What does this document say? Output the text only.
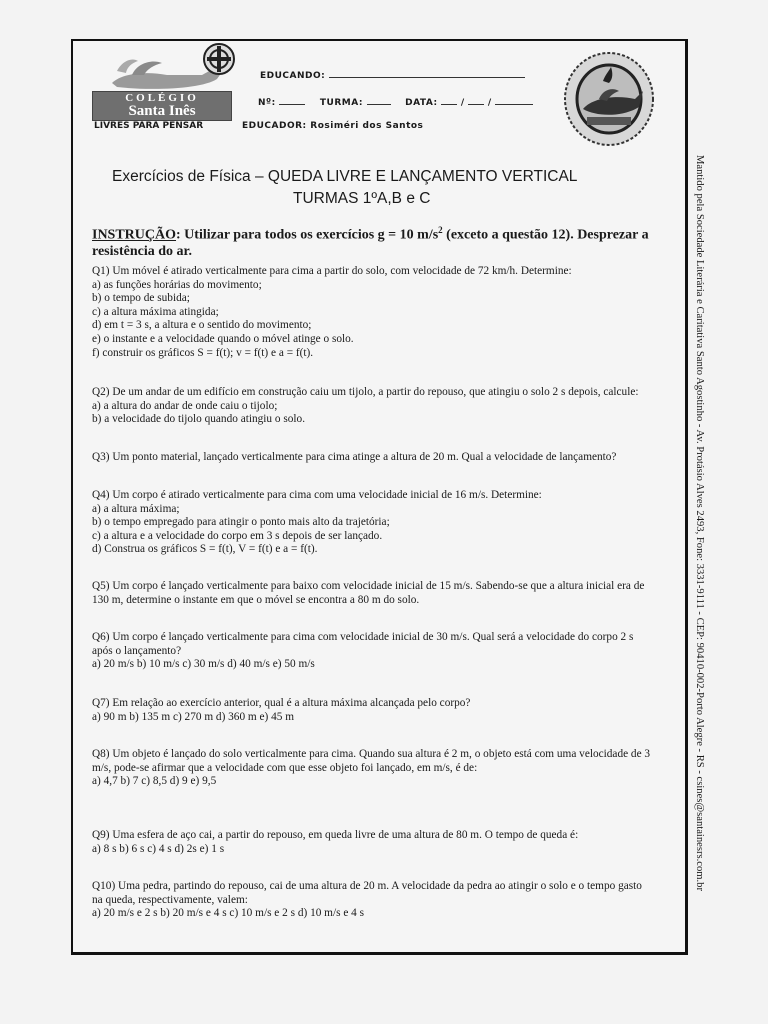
COLÉGIO
Santa Inês
LIVRES PARA PENSAR
EDUCANDO:
Nº:	TURMA:	DATA:  /  /
EDUCADOR: Rosiméri dos Santos
Exercícios de Física – QUEDA LIVRE E LANÇAMENTO VERTICAL
TURMAS 1ºA,B e C
INSTRUÇÃO: Utilizar para todos os exercícios g = 10 $m/s^2$ (exceto a questão 12). Desprezar a
resistência do ar.
Q1) Um móvel é atirado verticalmente para cima a partir do solo, com velocidade de 72 km/h. Determine:
a) as funções horárias do movimento;
b) o tempo de subida;
c) a altura máxima atingida;
d) em t = 3 s, a altura e o sentido do movimento;
e) o instante e a velocidade quando o móvel atinge o solo.
f) construir os gráficos S = f(t); v = f(t) e a = f(t).
Q2) De um andar de um edifício em construção caiu um tijolo, a partir do repouso, que atingiu o solo 2 s depois, calcule:
a) a altura do andar de onde caiu o tijolo;
b) a velocidade do tijolo quando atingiu o solo.
Q3) Um ponto material, lançado verticalmente para cima atinge a altura de 20 m. Qual a velocidade de lançamento?
Q4) Um corpo é atirado verticalmente para cima com uma velocidade inicial de 16 m/s. Determine:
a) a altura máxima;
b) o tempo empregado para atingir o ponto mais alto da trajetória;
c) a altura e a velocidade do corpo em 3 s depois de ser lançado.
d) Construa os gráficos S = f(t), V = f(t) e a = f(t).
Q5) Um corpo é lançado verticalmente para baixo com velocidade inicial de 15 m/s. Sabendo-se que a altura inicial era de
130 m, determine o instante em que o móvel se encontra a 80 m do solo.
Q6) Um corpo é lançado verticalmente para cima com velocidade inicial de 30 m/s. Qual será a velocidade do corpo 2 s
após o lançamento?
a) 20 m/s b) 10 m/s c) 30 m/s d) 40 m/s e) 50 m/s
Q7) Em relação ao exercício anterior, qual é a altura máxima alcançada pelo corpo?
a) 90 m b) 135 m c) 270 m d) 360 m e) 45 m
Q8) Um objeto é lançado do solo verticalmente para cima. Quando sua altura é 2 m, o objeto está com uma velocidade de 3
m/s, pode-se afirmar que a velocidade com que esse objeto foi lançado, em m/s, é de:
a) 4,7 b) 7 c) 8,5 d) 9 e) 9,5
Q9) Uma esfera de aço cai, a partir do repouso, em queda livre de uma altura de 80 m. O tempo de queda é:
a) 8 s b) 6 s c) 4 s d) 2s e) 1 s
Q10) Uma pedra, partindo do repouso, cai de uma altura de 20 m. A velocidade da pedra ao atingir o solo e o tempo gasto
na queda, respectivamente, valem:
a) 20 m/s e 2 s b) 20 m/s e 4 s c) 10 m/s e 2 s d) 10 m/s e 4 s
Mantido pela Sociedade Literária e Caritativa Santo Agostinho - Av. Protásio Alves 2493, Fone: 3331-9111 - CEP: 90410-002-Porto Alegre - RS - csines@santainesrs.com.br
